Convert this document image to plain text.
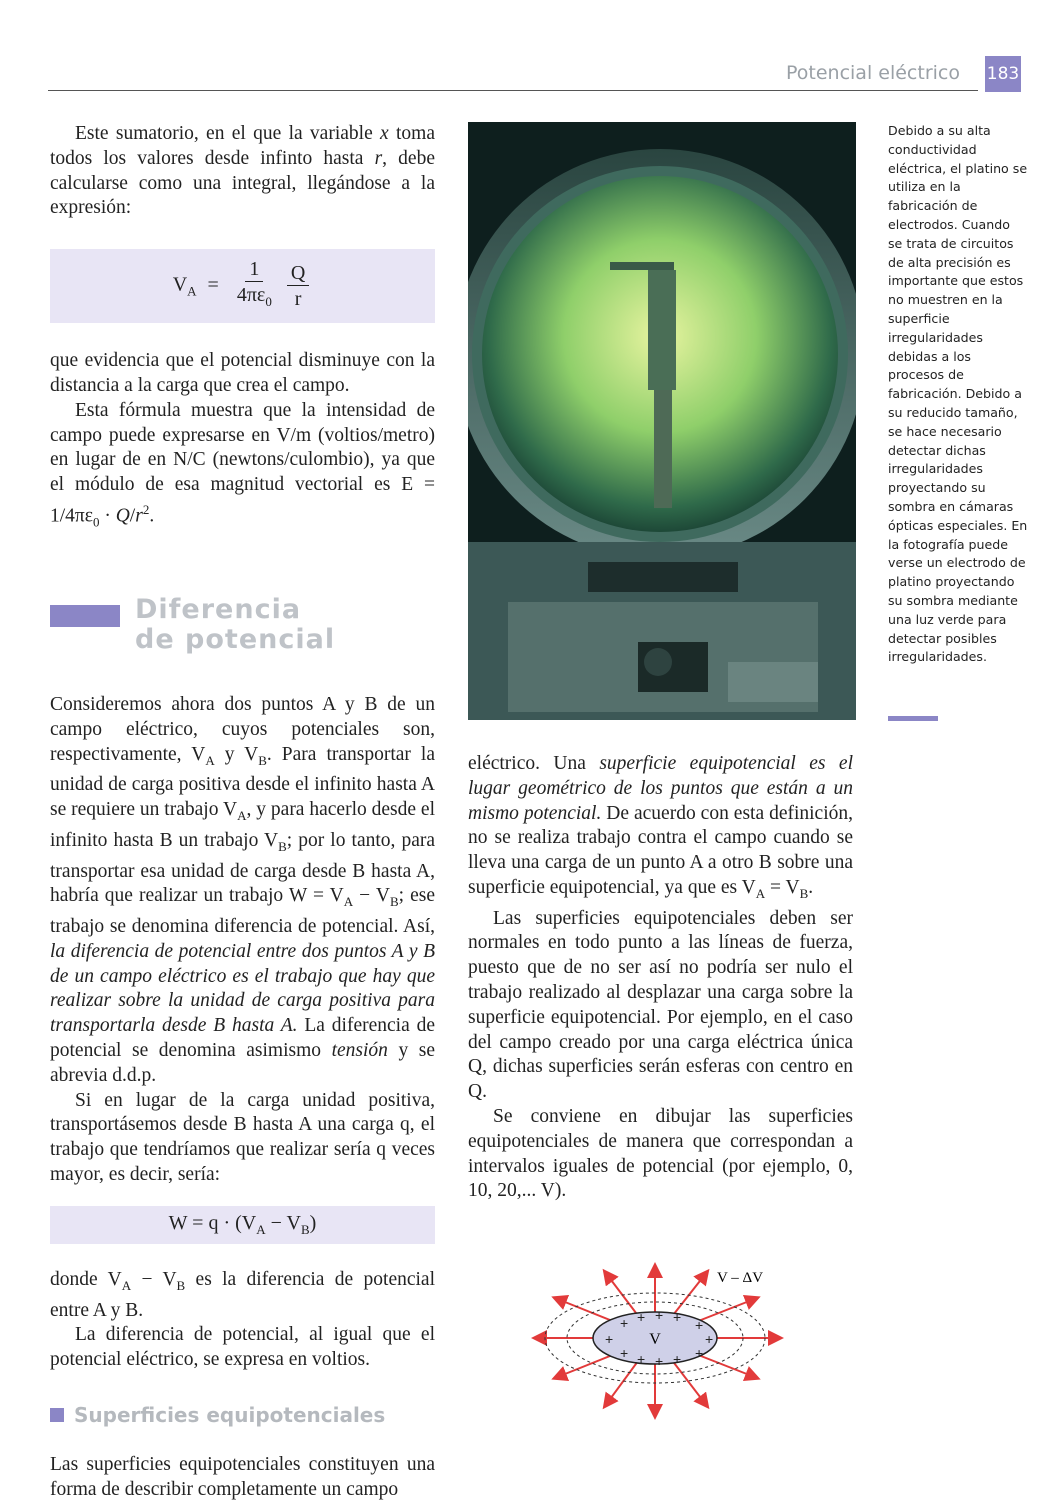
Potencial eléctrico 183

Este sumatorio, en el que la variable x toma todos los valores desde infinto hasta r, debe calcularse como una integral, llegándose a la expresión:

$V_A = \frac{1}{4\pi\varepsilon_0}$
$\frac{Q}{r}$

que evidencia que el potencial disminuye con la distancia a la carga que crea el campo.

Esta fórmula muestra que la intensidad de campo puede expresarse en V/m (voltios/metro) en lugar de en N/C (newtons/culombio), ya que el módulo de esa magnitud vectorial es $E = 1/4\pi\varepsilon_0 \cdot Q/r^2$.

Diferencia
de potencial

Consideremos ahora dos puntos A y B de un campo eléctrico, cuyos potenciales son, respectivamente, $V_A$ y $V_B$. Para transportar la unidad de carga positiva desde el infinito hasta A se requiere un trabajo $V_A$, y para hacerlo desde el infinito hasta B un trabajo $V_B$; por lo tanto, para transportar esa unidad de carga desde B hasta A, habría que realizar un trabajo $W = V_A - V_B$; ese trabajo se denomina diferencia de potencial. Así, la diferencia de potencial entre dos puntos A y B de un campo eléctrico es el trabajo que hay que realizar sobre la unidad de carga positiva para transportarla desde B hasta A. La diferencia de potencial se denomina asimismo tensión y se abrevia d.d.p.

Si en lugar de la carga unidad positiva, transportásemos desde B hasta A una carga q, el trabajo que tendríamos que realizar sería q veces mayor, es decir, sería:

$W = q \cdot (V_A - V_B)$

donde $V_A - V_B$ es la diferencia de potencial entre A y B.

La diferencia de potencial, al igual que el potencial eléctrico, se expresa en voltios.

Superficies equipotenciales

Las superficies equipotenciales constituyen una forma de describir completamente un campo

Debido a su alta conductividad eléctrica, el platino se utiliza en la fabricación de electrodos. Cuando se trata de circuitos de alta precisión es importante que estos no muestren en la superficie irregularidades debidas a los procesos de fabricación. Debido a su reducido tamaño, se hace necesario detectar dichas irregularidades proyectando su sombra en cámaras ópticas especiales. En la fotografía puede verse un electrodo de platino proyectando su sombra mediante una luz verde para detectar posibles irregularidades.

eléctrico. Una superficie equipotencial es el lugar geométrico de los puntos que están a un mismo potencial. De acuerdo con esta definición, no se realiza trabajo contra el campo cuando se lleva una carga de un punto A a otro B sobre una superficie equipotencial, ya que es $V_A = V_B$.

Las superficies equipotenciales deben ser normales en todo punto a las líneas de fuerza, puesto que de no ser así no podría ser nulo el trabajo realizado al desplazar una carga sobre la superficie equipotencial. Por ejemplo, en el caso del campo creado por una carga eléctrica única Q, dichas superficies serán esferas con centro en Q.

Se conviene en dibujar las superficies equipotenciales de manera que correspondan a intervalos iguales de potencial (por ejemplo, 0, 10, 20,... V).

V
V – ΔV
+ + + + +
+	+
+ + + + +
